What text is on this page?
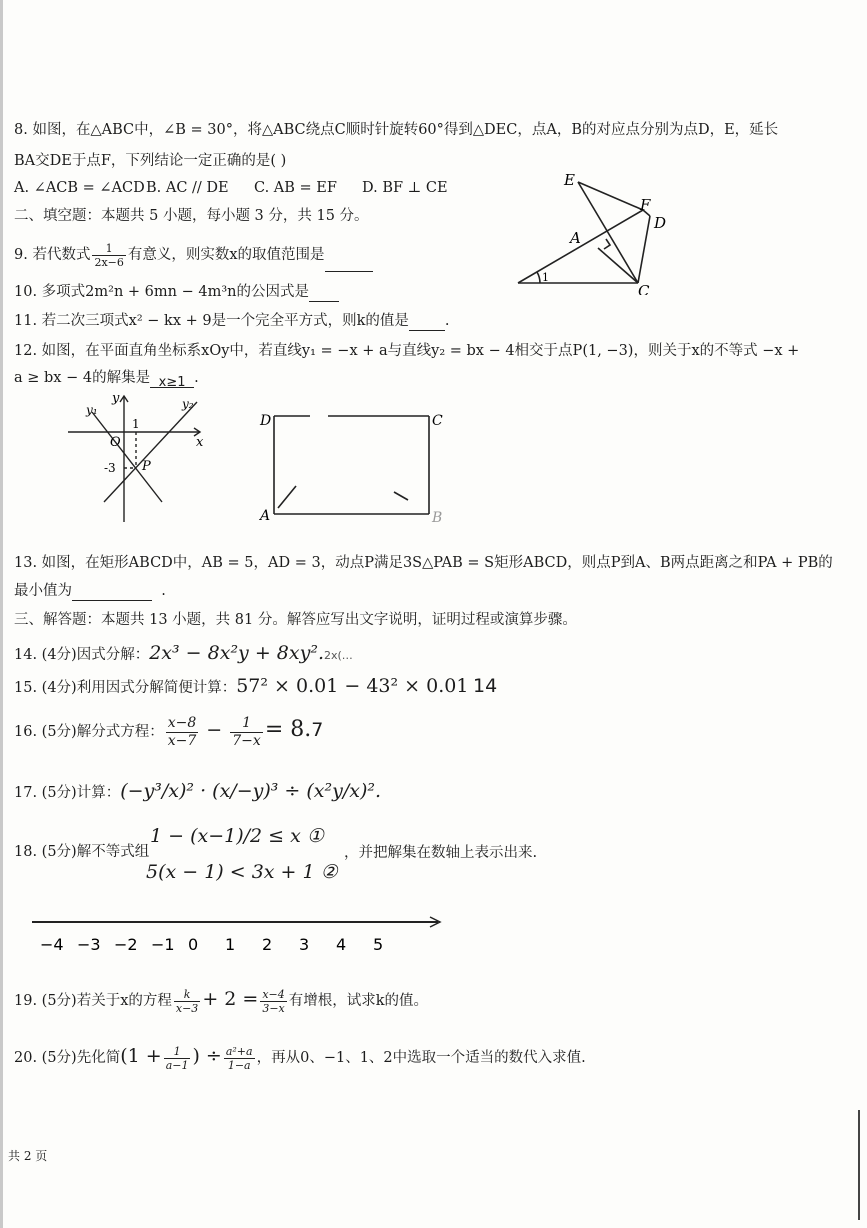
8. 如图，在△ABC中，∠B = 30°，将△ABC绕点C顺时针旋转60°得到△DEC，点A，B的对应点分别为点D，E，延长
BA交DE于点F，下列结论一定正确的是( )
A. ∠ACB = ∠ACD B. AC // DE C. AB = EF D. BF ⊥ CE	E
F
D
A
C
1
二、填空题：本题共 5 小题，每小题 3 分，共 15 分。
9. 若代数式 $\frac{1}{2x-6}$ 有意义，则实数x的取值范围是
10. 多项式2m²n + 6mn − 4m³n的公因式是
11. 若二次三项式x² − kx + 9是一个完全平方式，则k的值是 .
12. 如图，在平面直角坐标系xOy中，若直线y₁ = −x + a与直线y₂ = bx − 4相交于点P(1, −3)，则关于x的不等式 −x +
a ≥ bx − 4的解集是 x≥1 .
y₁
y	y₂
O
1
x
-3 P
D	C
A	B
13. 如图，在矩形ABCD中，AB = 5，AD = 3，动点P满足3S△PAB = S矩形ABCD，则点P到A、B两点距离之和PA + PB的
最小值为	.
三、解答题：本题共 13 小题，共 81 分。解答应写出文字说明，证明过程或演算步骤。
14. (4分)因式分解：2x³ − 8x²y + 8xy².2x(…
15. (4分)利用因式分解简便计算：57² × 0.01 − 43² × 0.01 14
16. (5分)解分式方程： $\frac{x-8}{x-7} - \frac{1}{7-x} = 8.7$
17. (5分)计算：(−y³/x)² · (x/−y)³ ÷ (x²y/x)².
18. (5分)解不等式组
1 − (x−1)/2 ≤ x ①
5(x − 1) < 3x + 1 ②
，并把解集在数轴上表示出来.
−4 −3 −2 −1 0 1 2 3 4 5
19. (5分)若关于x的方程 $\frac{k}{x-3} + 2 = \frac{x-4}{3-x}$ 有增根，试求k的值。
20. (5分)先化简($1 + \frac{1}{a-1}$ ) ÷ $\frac{\text{a²+a}}{1-a}$ ，再从0、−1、1、2中选取一个适当的数代入求值.
共 2 页
